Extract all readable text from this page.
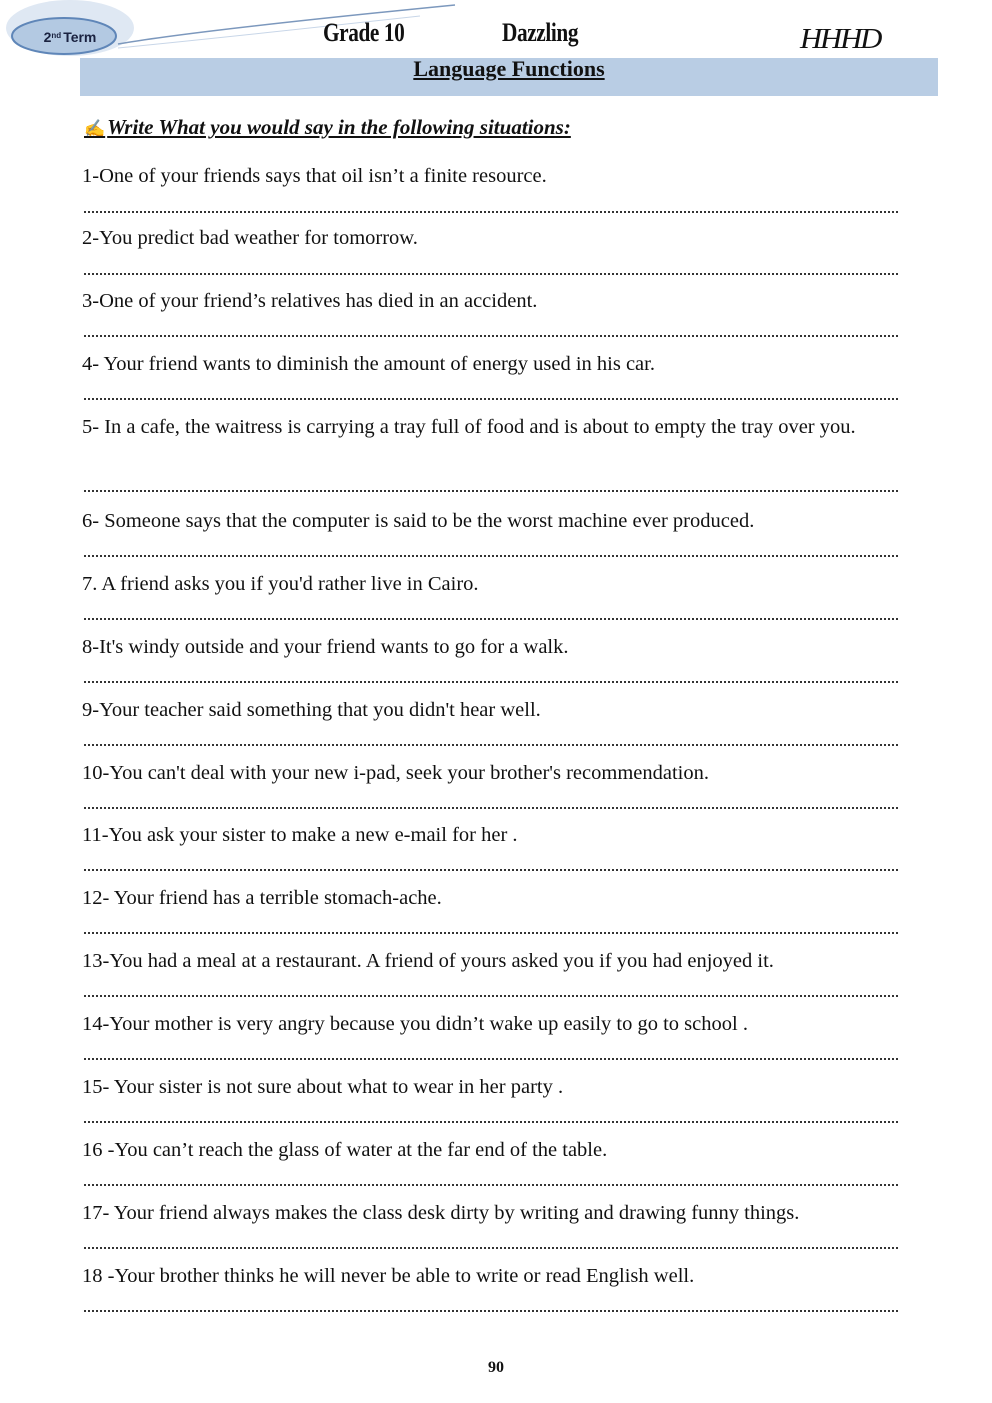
2nd Term	Grade 10	Dazzling	HHHD
Language Functions
✍Write What you would say in the following situations:
1-One of your friends says that oil isn’t a finite resource.
2-You predict bad weather for tomorrow.
3-One of your friend’s relatives has died in an accident.
4- Your friend wants to diminish the amount of energy used in his car.
5- In a cafe, the waitress is carrying a tray full of food and is about to empty the tray over you.
6- Someone says that the computer is said to be the worst machine ever produced.
7. A friend asks you if you'd rather live in Cairo.
8-It's windy outside and your friend wants to go for a walk.
9-Your teacher said something that you didn't hear well.
10-You can't deal with your new i-pad, seek your brother's recommendation.
11-You ask your sister to make a new e-mail for her .
12- Your friend has a terrible stomach-ache.
13-You had a meal at a restaurant. A friend of yours asked you if you had enjoyed it.
14-Your mother is very angry because you didn’t wake up easily to go to school .
15- Your sister is not sure about what to wear in her party .
16 -You can’t reach the glass of water at the far end of the table.
17- Your friend always makes the class desk dirty by writing and drawing funny things.
18 -Your brother thinks he will never be able to write or read English well.
90
